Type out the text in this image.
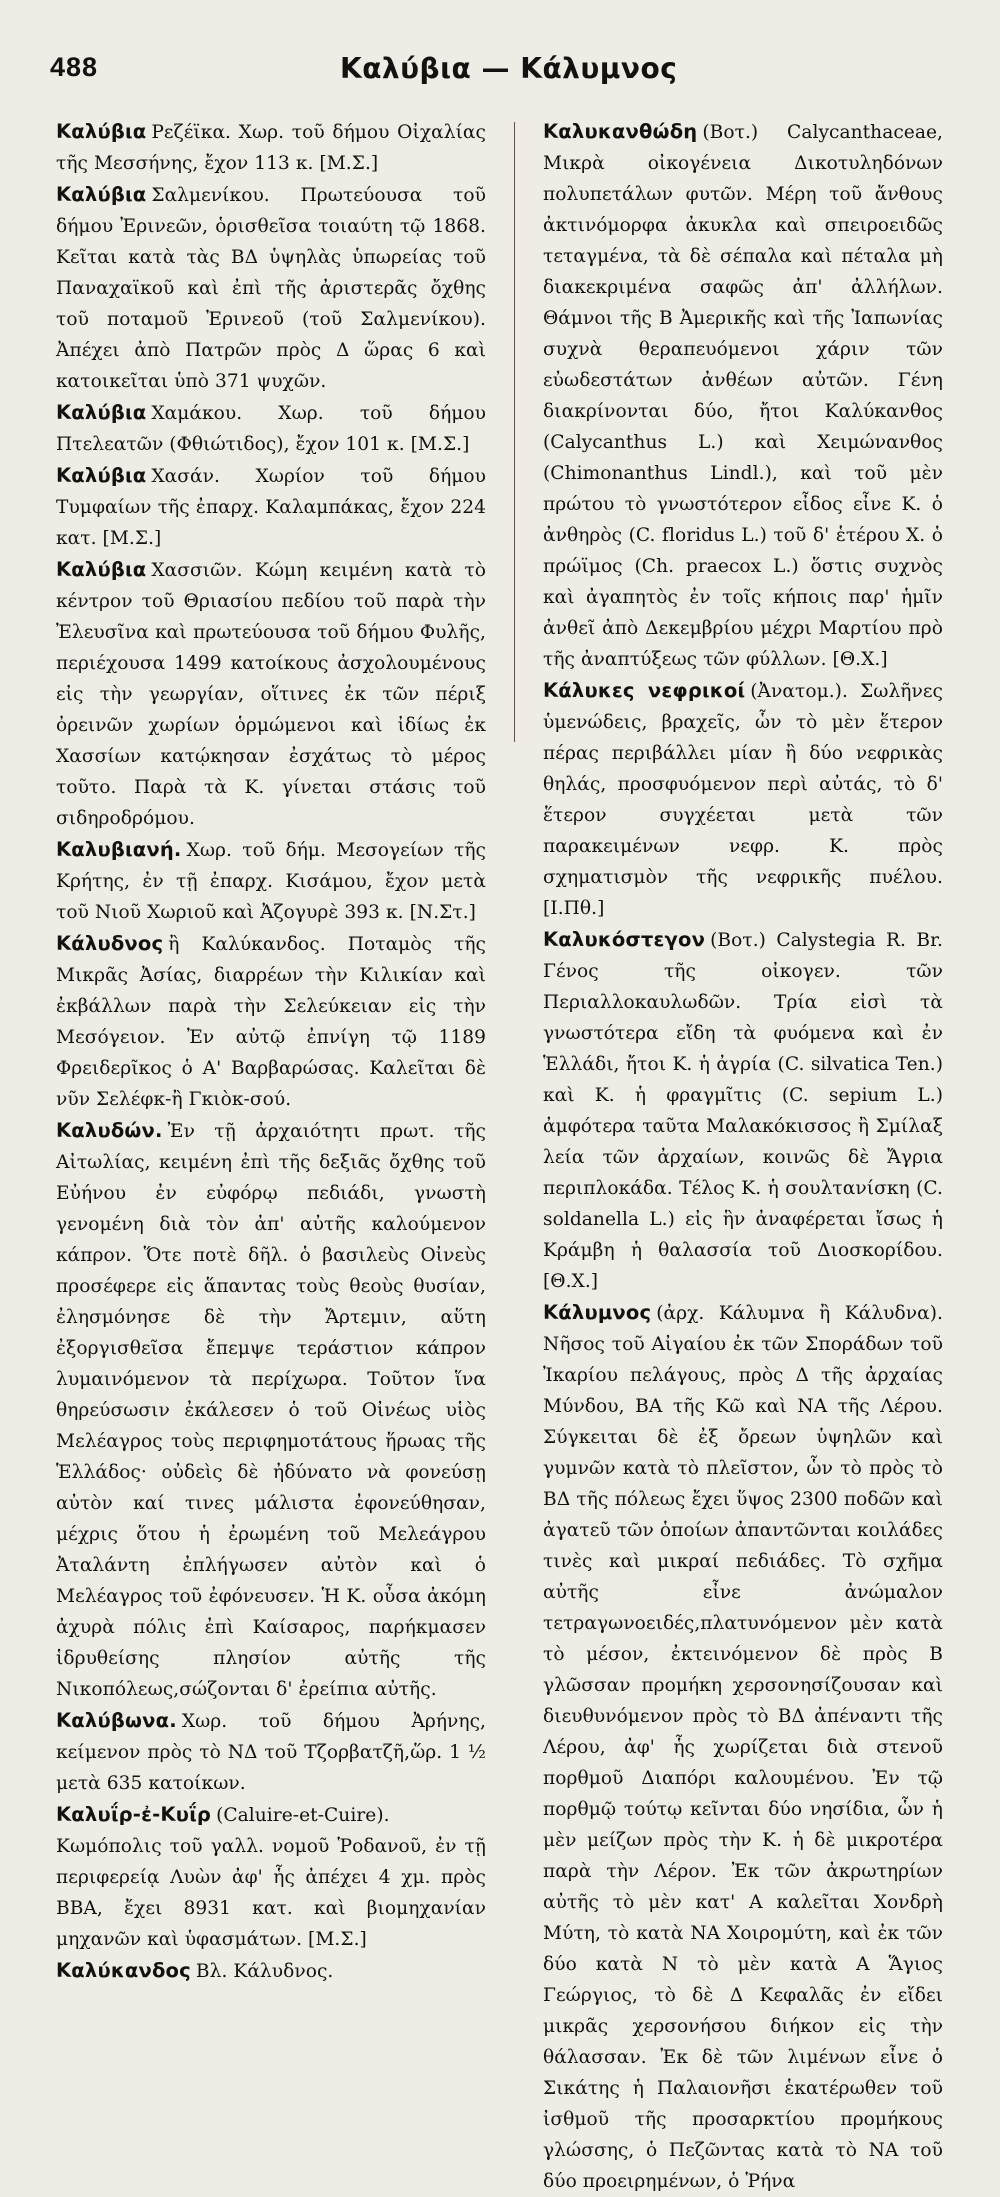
488	Καλύβια — Κάλυμνος

Καλύβια Ρεζέϊκα. Χωρ. τοῦ δήμου Οἰχαλίας τῆς Μεσσήνης, ἔχον 113 κ. [Μ.Σ.]

Καλύβια Σαλμενίκου. Πρωτεύουσα τοῦ δήμου Ἐρινεῶν, ὁρισθεῖσα τοιαύτη τῷ 1868. Κεῖται κατὰ τὰς ΒΔ ὑψηλὰς ὑπωρείας τοῦ Παναχαϊκοῦ καὶ ἐπὶ τῆς ἀριστερᾶς ὄχθης τοῦ ποταμοῦ Ἐρινεοῦ (τοῦ Σαλμενίκου). Ἀπέχει ἀπὸ Πατρῶν πρὸς Δ ὥρας 6 καὶ κατοικεῖται ὑπὸ 371 ψυχῶν.

Καλύβια Χαμάκου. Χωρ. τοῦ δήμου Πτελεατῶν (Φθιώτιδος), ἔχον 101 κ. [Μ.Σ.]

Καλύβια Χασάν. Χωρίον τοῦ δήμου Τυμφαίων τῆς ἐπαρχ. Καλαμπάκας, ἔχον 224 κατ. [Μ.Σ.]

Καλύβια Χασσιῶν. Κώμη κειμένη κατὰ τὸ κέντρον τοῦ Θριασίου πεδίου τοῦ παρὰ τὴν Ἐλευσῖνα καὶ πρωτεύουσα τοῦ δήμου Φυλῆς, περιέχουσα 1499 κατοίκους ἀσχολουμένους εἰς τὴν γεωργίαν, οἵτινες ἐκ τῶν πέριξ ὀρεινῶν χωρίων ὁρμώμενοι καὶ ἰδίως ἐκ Χασσίων κατῴκησαν ἐσχάτως τὸ μέρος τοῦτο. Παρὰ τὰ Κ. γίνεται στάσις τοῦ σιδηροδρόμου.

Καλυβιανή. Χωρ. τοῦ δήμ. Μεσογείων τῆς Κρήτης, ἐν τῇ ἐπαρχ. Κισάμου, ἔχον μετὰ τοῦ Νιοῦ Χωριοῦ καὶ Ἀζογυρὲ 393 κ. [Ν.Στ.]

Κάλυδνος ἢ Καλύκανδος. Ποταμὸς τῆς Μικρᾶς Ἀσίας, διαρρέων τὴν Κιλικίαν καὶ ἐκβάλλων παρὰ τὴν Σελεύκειαν εἰς τὴν Μεσόγειον. Ἐν αὐτῷ ἐπνίγη τῷ 1189 Φρειδερῖκος ὁ Α' Βαρβαρώσας. Καλεῖται δὲ νῦν Σελέφκ-ἢ Γκιὸκ-σού.

Καλυδών. Ἐν τῇ ἀρχαιότητι πρωτ. τῆς Αἰτωλίας, κειμένη ἐπὶ τῆς δεξιᾶς ὄχθης τοῦ Εὐήνου ἐν εὐφόρῳ πεδιάδι, γνωστὴ γενομένη διὰ τὸν ἀπ' αὐτῆς καλούμενον κάπρον. Ὅτε ποτὲ δῆλ. ὁ βασιλεὺς Οἰνεὺς προσέφερε εἰς ἅπαντας τοὺς θεοὺς θυσίαν, ἐλησμόνησε δὲ τὴν Ἄρτεμιν, αὕτη ἐξοργισθεῖσα ἔπεμψε τεράστιον κάπρον λυμαινόμενον τὰ περίχωρα. Τοῦτον ἵνα θηρεύσωσιν ἐκάλεσεν ὁ τοῦ Οἰνέως υἱὸς Μελέαγρος τοὺς περιφημοτάτους ἥρωας τῆς Ἑλλάδος· οὐδεὶς δὲ ἠδύνατο νὰ φονεύσῃ αὐτὸν καί τινες μάλιστα ἐφονεύθησαν, μέχρις ὅτου ἡ ἐρωμένη τοῦ Μελεάγρου Ἀταλάντη ἐπλήγωσεν αὐτὸν καὶ ὁ Μελέαγρος τοῦ ἐφόνευσεν. Ἡ Κ. οὖσα ἀκόμη ἀχυρὰ πόλις ἐπὶ Καίσαρος, παρήκμασεν ἱδρυθείσης πλησίον αὐτῆς τῆς Νικοπόλεως,σώζονται δ' ἐρείπια αὐτῆς.

Καλύβωνα. Χωρ. τοῦ δήμου Ἀρήνης, κείμενον πρὸς τὸ ΝΔ τοῦ Τζορβατζῆ,ὥρ. 1 ½ μετὰ 635 κατοίκων.

Καλυΐρ-ἐ-Κυΐρ (Caluire-et-Cuire). Κωμόπολις τοῦ γαλλ. νομοῦ Ῥοδανοῦ, ἐν τῇ περιφερείᾳ Λυὼν ἀφ' ἧς ἀπέχει 4 χμ. πρὸς ΒΒΑ, ἔχει 8931 κατ. καὶ βιομηχανίαν μηχανῶν καὶ ὑφασμάτων. [Μ.Σ.]

Καλύκανδος Βλ. Κάλυδνος.

Καλυκανθώδη (Βοτ.) Calycanthaceae, Μικρὰ οἰκογένεια Δικοτυληδόνων πολυπετάλων φυτῶν. Μέρη τοῦ ἄνθους ἀκτινόμορφα ἀκυκλα καὶ σπειροειδῶς τεταγμένα, τὰ δὲ σέπαλα καὶ πέταλα μὴ διακεκριμένα σαφῶς ἀπ' ἀλλήλων. Θάμνοι τῆς Β Ἀμερικῆς καὶ τῆς Ἰαπωνίας συχνὰ θεραπευόμενοι χάριν τῶν εὐωδεστάτων ἀνθέων αὐτῶν. Γένη διακρίνονται δύο, ἤτοι Καλύκανθος (Calycanthus L.) καὶ Χειμώνανθος (Chimonanthus Lindl.), καὶ τοῦ μὲν πρώτου τὸ γνωστότερον εἶδος εἶνε Κ. ὁ ἀνθηρὸς (C. floridus L.) τοῦ δ' ἑτέρου Χ. ὁ πρώϊμος (Ch. praecox L.) ὅστις συχνὸς καὶ ἀγαπητὸς ἐν τοῖς κήποις παρ' ἡμῖν ἀνθεῖ ἀπὸ Δεκεμβρίου μέχρι Μαρτίου πρὸ τῆς ἀναπτύξεως τῶν φύλλων. [Θ.Χ.]

Κάλυκες νεφρικοί (Ἀνατομ.). Σωλῆνες ὑμενώδεις, βραχεῖς, ὧν τὸ μὲν ἕτερον πέρας περιβάλλει μίαν ἢ δύο νεφρικὰς θηλάς, προσφυόμενον περὶ αὐτάς, τὸ δ' ἕτερον συγχέεται μετὰ τῶν παρακειμένων νεφρ. Κ. πρὸς σχηματισμὸν τῆς νεφρικῆς πυέλου. [Ι.Πθ.]

Καλυκόστεγον (Βοτ.) Calystegia R. Br. Γένος τῆς οἰκογεν. τῶν Περιαλλοκαυλωδῶν. Τρία εἰσὶ τὰ γνωστότερα εἴδη τὰ φυόμενα καὶ ἐν Ἑλλάδι, ἤτοι Κ. ἡ ἀγρία (C. silvatica Ten.) καὶ Κ. ἡ φραγμῖτις (C. sepium L.) ἀμφότερα ταῦτα Μαλακόκισσος ἢ Σμίλαξ λεία τῶν ἀρχαίων, κοινῶς δὲ Ἄγρια περιπλοκάδα. Τέλος Κ. ἡ σουλτανίσκη (C. soldanella L.) εἰς ἣν ἀναφέρεται ἴσως ἡ Κράμβη ἡ θαλασσία τοῦ Διοσκορίδου. [Θ.Χ.]

Κάλυμνος (ἀρχ. Κάλυμνα ἢ Κάλυδνα). Νῆσος τοῦ Αἰγαίου ἐκ τῶν Σποράδων τοῦ Ἰκαρίου πελάγους, πρὸς Δ τῆς ἀρχαίας Μύνδου, ΒΑ τῆς Κῶ καὶ ΝΑ τῆς Λέρου. Σύγκειται δὲ ἐξ ὄρεων ὑψηλῶν καὶ γυμνῶν κατὰ τὸ πλεῖστον, ὧν τὸ πρὸς τὸ ΒΔ τῆς πόλεως ἔχει ὕψος 2300 ποδῶν καὶ ἀγατεῦ τῶν ὁποίων ἀπαντῶνται κοιλάδες τινὲς καὶ μικραί πεδιάδες. Τὸ σχῆμα αὐτῆς εἶνε ἀνώμαλον τετραγωνοειδές,πλατυνόμενον μὲν κατὰ τὸ μέσον, ἐκτεινόμενον δὲ πρὸς Β γλῶσσαν προμήκη χερσονησίζουσαν καὶ διευθυνόμενον πρὸς τὸ ΒΔ ἀπέναντι τῆς Λέρου, ἀφ' ἧς χωρίζεται διὰ στενοῦ πορθμοῦ Διαπόρι καλουμένου. Ἐν τῷ πορθμῷ τούτῳ κεῖνται δύο νησίδια, ὧν ἡ μὲν μείζων πρὸς τὴν Κ. ἡ δὲ μικροτέρα παρὰ τὴν Λέρον. Ἐκ τῶν ἀκρωτηρίων αὐτῆς τὸ μὲν κατ' Α καλεῖται Χονδρὴ Μύτη, τὸ κατὰ ΝΑ Χοιρομύτη, καὶ ἐκ τῶν δύο κατὰ Ν τὸ μὲν κατὰ Α Ἅγιος Γεώργιος, τὸ δὲ Δ Κεφαλᾶς ἐν εἴδει μικρᾶς χερσονήσου διήκον εἰς τὴν θάλασσαν. Ἐκ δὲ τῶν λιμένων εἶνε ὁ Σικάτης ἡ Παλαιονῆσι ἑκατέρωθεν τοῦ ἰσθμοῦ τῆς προσαρκτίου προμήκους γλώσσης, ὁ Πεζῶντας κατὰ τὸ ΝΑ τοῦ δύο προειρημένων, ὁ Ῥήνα
